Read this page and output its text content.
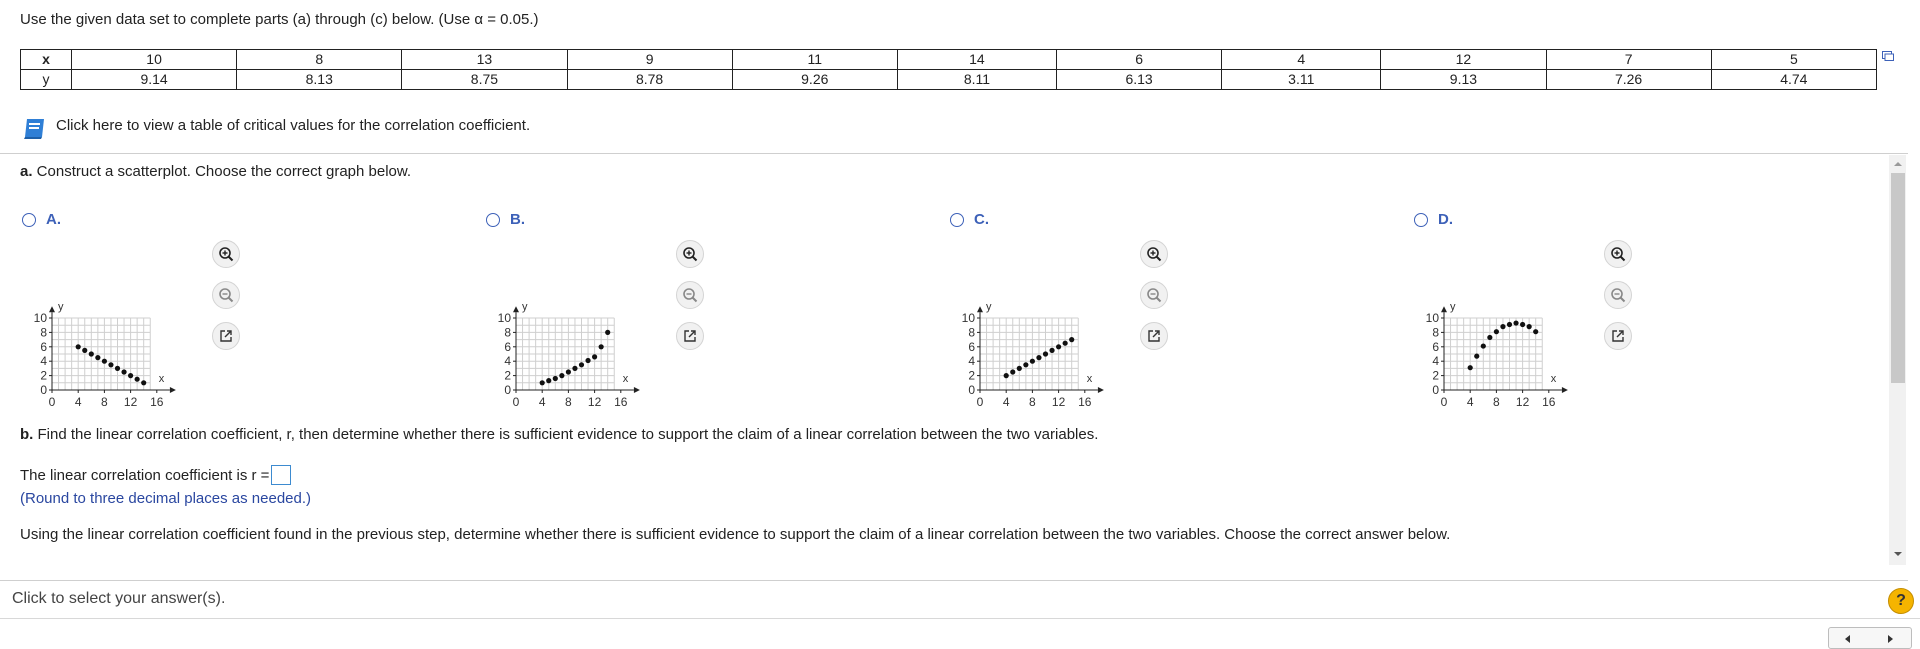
Use the given data set to complete parts (a) through (c) below. (Use α = 0.05.)
x	10	8	13	9	11	14	6	4	12	7	5
y	9.14	8.13	8.75	8.78	9.26	8.11	6.13	3.11	9.13	7.26	4.74
Click here to view a table of critical values for the correlation coefficient.
a. Construct a scatterplot. Choose the correct graph below.
A.
x
y
0 4 8 12 16
0
2
4
6
8
10
B.
x
y
0 4 8 12 16
0
2
4
6
8
10
C.
x
y
0 4 8 12 16
0
2
4
6
8
10
D.
x
y
0 4 8 12 16
0
2
4
6
8
10
b. Find the linear correlation coefficient, r, then determine whether there is sufficient evidence to support the claim of a linear correlation between the two variables.
The linear correlation coefficient is r =
(Round to three decimal places as needed.)
Using the linear correlation coefficient found in the previous step, determine whether there is sufficient evidence to support the claim of a linear correlation between the two variables. Choose the correct answer below.
Click to select your answer(s).	?
